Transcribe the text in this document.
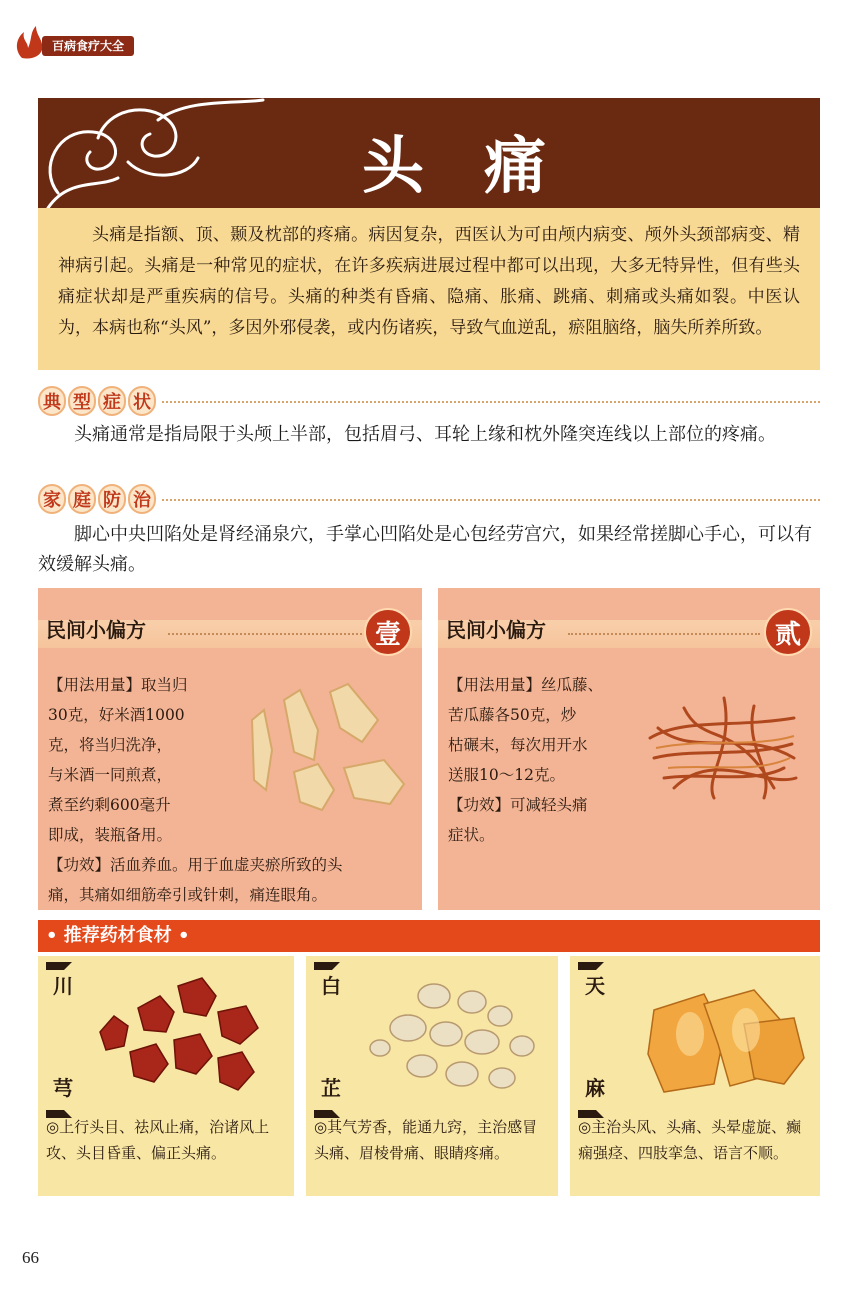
百病食疗大全
头痛
头痛是指额、顶、颞及枕部的疼痛。病因复杂，西医认为可由颅内病变、颅外头颈部病变、精神病引起。头痛是一种常见的症状，在许多疾病进展过程中都可以出现，大多无特异性，但有些头痛症状却是严重疾病的信号。头痛的种类有昏痛、隐痛、胀痛、跳痛、刺痛或头痛如裂。中医认为，本病也称“头风”，多因外邪侵袭，或内伤诸疾，导致气血逆乱，瘀阻脑络，脑失所养所致。
典 型 症 状
头痛通常是指局限于头颅上半部，包括眉弓、耳轮上缘和枕外隆突连线以上部位的疼痛。
家 庭 防 治
脚心中央凹陷处是肾经涌泉穴，手掌心凹陷处是心包经劳宫穴，如果经常搓脚心手心，可以有效缓解头痛。
民间小偏方	壹
【用法用量】取当归
30克，好米酒1000
克，将当归洗净，
与米酒一同煎煮，
煮至约剩600毫升
即成，装瓶备用。
【功效】活血养血。用于血虚夹瘀所致的头
痛，其痛如细筋牵引或针刺，痛连眼角。
民间小偏方	贰
【用法用量】丝瓜藤、
苦瓜藤各50克，炒
枯碾末，每次用开水
送服10～12克。
【功效】可减轻头痛
症状。
• 推荐药材食材 •
川
芎
◎上行头目、祛风止痛，治诸风上攻、头目昏重、偏正头痛。
白
芷
◎其气芳香，能通九窍，主治感冒头痛、眉棱骨痛、眼睛疼痛。
天
麻
◎主治头风、头痛、头晕虚旋、癫痫强痉、四肢挛急、语言不顺。
66
